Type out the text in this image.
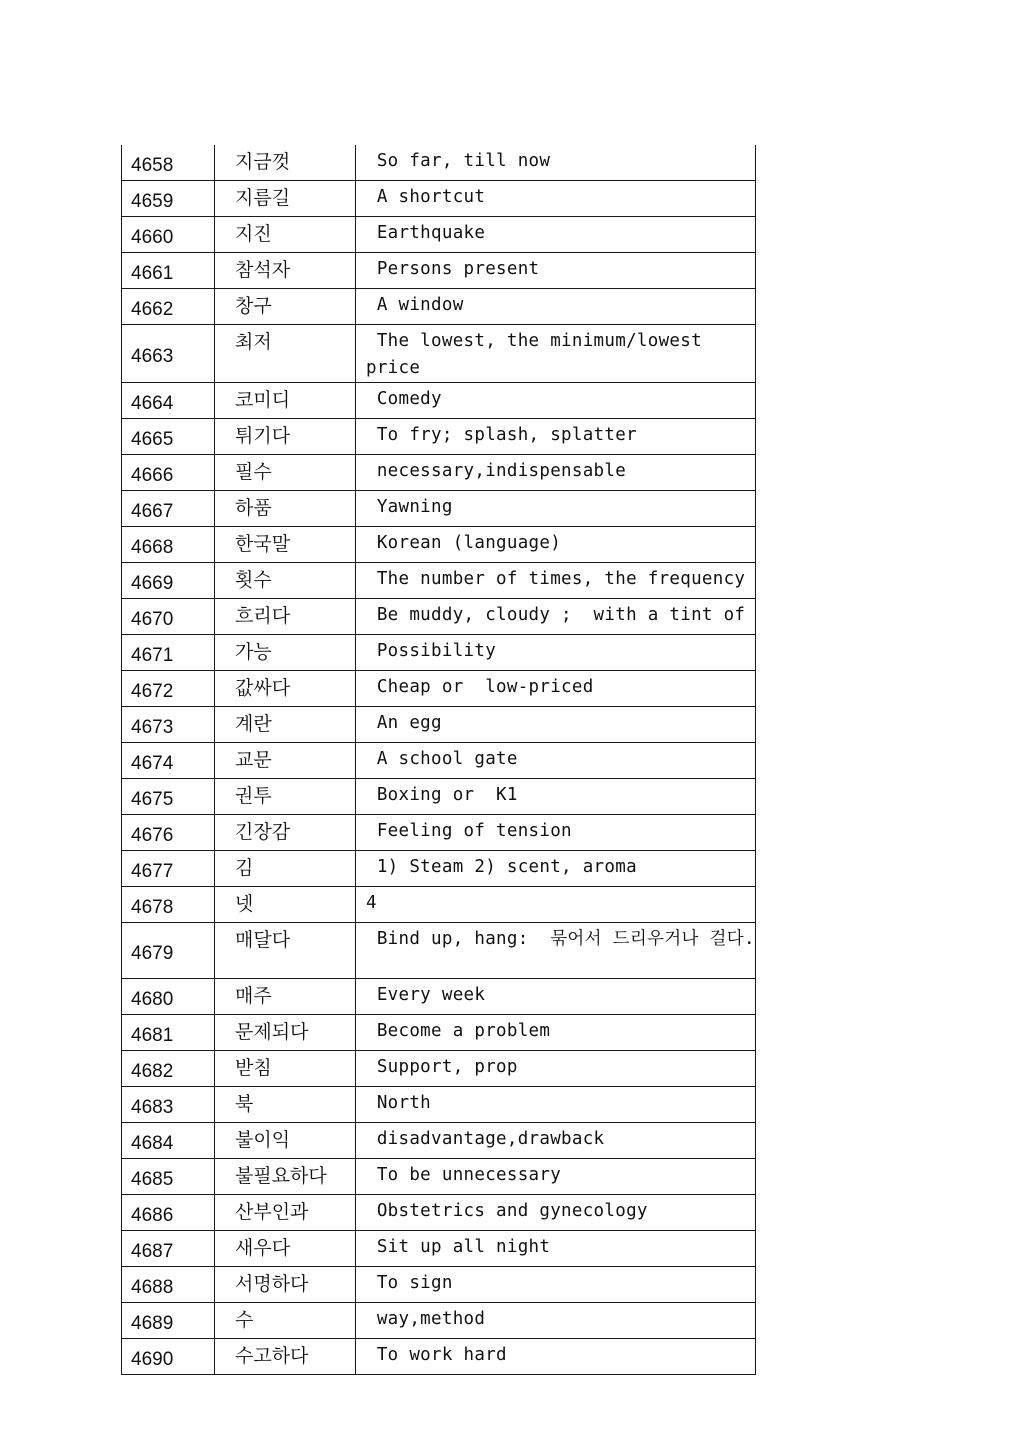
4658	지금껏	So far, till now
4659	지름길	A shortcut
4660	지진	Earthquake
4661	참석자	Persons present
4662	창구	A window
4663	최저	The lowest, the minimum/lowest price
4664	코미디	Comedy
4665	튀기다	To fry; splash, splatter
4666	필수	necessary,indispensable
4667	하품	Yawning
4668	한국말	Korean (language)
4669	횟수	The number of times, the frequency
4670	흐리다	Be muddy, cloudy ;  with a tint of
4671	가능	Possibility
4672	값싸다	Cheap or  low-priced
4673	계란	An egg
4674	교문	A school gate
4675	권투	Boxing or  K1
4676	긴장감	Feeling of tension
4677	김	1) Steam 2) scent, aroma
4678	넷	4
4679	매달다	Bind up, hang:  묶어서 드리우거나 걸다.
4680	매주	Every week
4681	문제되다	Become a problem
4682	받침	Support, prop
4683	북	North
4684	불이익	disadvantage,drawback
4685	불필요하다	To be unnecessary
4686	산부인과	Obstetrics and gynecology
4687	새우다	Sit up all night
4688	서명하다	To sign
4689	수	way,method
4690	수고하다	To work hard
